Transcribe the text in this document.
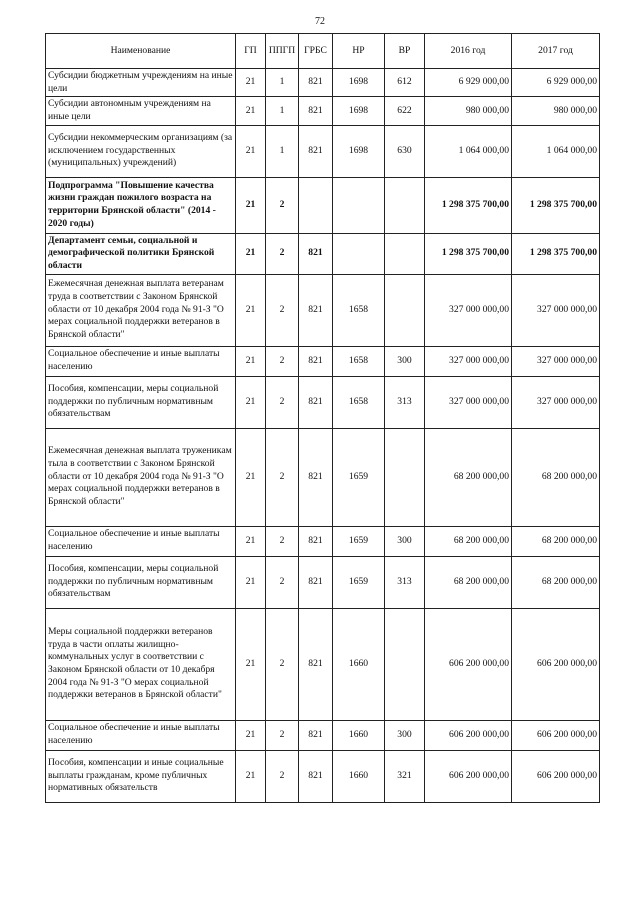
72
Наименование	ГП	ППГП	ГРБС	НР	ВР	2016 год	2017 год
Субсидии бюджетным учреждениям на иные цели	21	1	821	1698	612	6 929 000,00	6 929 000,00
Субсидии автономным учреждениям на иные цели	21	1	821	1698	622	980 000,00	980 000,00
Субсидии некоммерческим организациям (за исключением государственных (муниципальных) учреждений)	21	1	821	1698	630	1 064 000,00	1 064 000,00
Подпрограмма "Повышение качества жизни граждан пожилого возраста на территории Брянской области" (2014 - 2020 годы)	21	2				1 298 375 700,00	1 298 375 700,00
Департамент семьи, социальной и демографической политики Брянской области	21	2	821			1 298 375 700,00	1 298 375 700,00
Ежемесячная денежная выплата ветеранам труда в соответствии с Законом Брянской области от 10 декабря 2004 года № 91-З "О мерах социальной поддержки ветеранов в Брянской области"	21	2	821	1658		327 000 000,00	327 000 000,00
Социальное обеспечение и иные выплаты населению	21	2	821	1658	300	327 000 000,00	327 000 000,00
Пособия, компенсации, меры социальной поддержки по публичным нормативным обязательствам	21	2	821	1658	313	327 000 000,00	327 000 000,00
Ежемесячная денежная выплата труженикам тыла в соответствии с Законом Брянской области от 10 декабря 2004 года № 91-З "О мерах социальной поддержки ветеранов в Брянской области"	21	2	821	1659		68 200 000,00	68 200 000,00
Социальное обеспечение и иные выплаты населению	21	2	821	1659	300	68 200 000,00	68 200 000,00
Пособия, компенсации, меры социальной поддержки по публичным нормативным обязательствам	21	2	821	1659	313	68 200 000,00	68 200 000,00
Меры социальной поддержки ветеранов труда в части оплаты жилищно-коммунальных услуг в соответствии с Законом Брянской области от 10 декабря 2004 года № 91-З "О мерах социальной поддержки ветеранов в Брянской области"	21	2	821	1660		606 200 000,00	606 200 000,00
Социальное обеспечение и иные выплаты населению	21	2	821	1660	300	606 200 000,00	606 200 000,00
Пособия, компенсации и иные социальные выплаты гражданам, кроме публичных нормативных обязательств	21	2	821	1660	321	606 200 000,00	606 200 000,00
